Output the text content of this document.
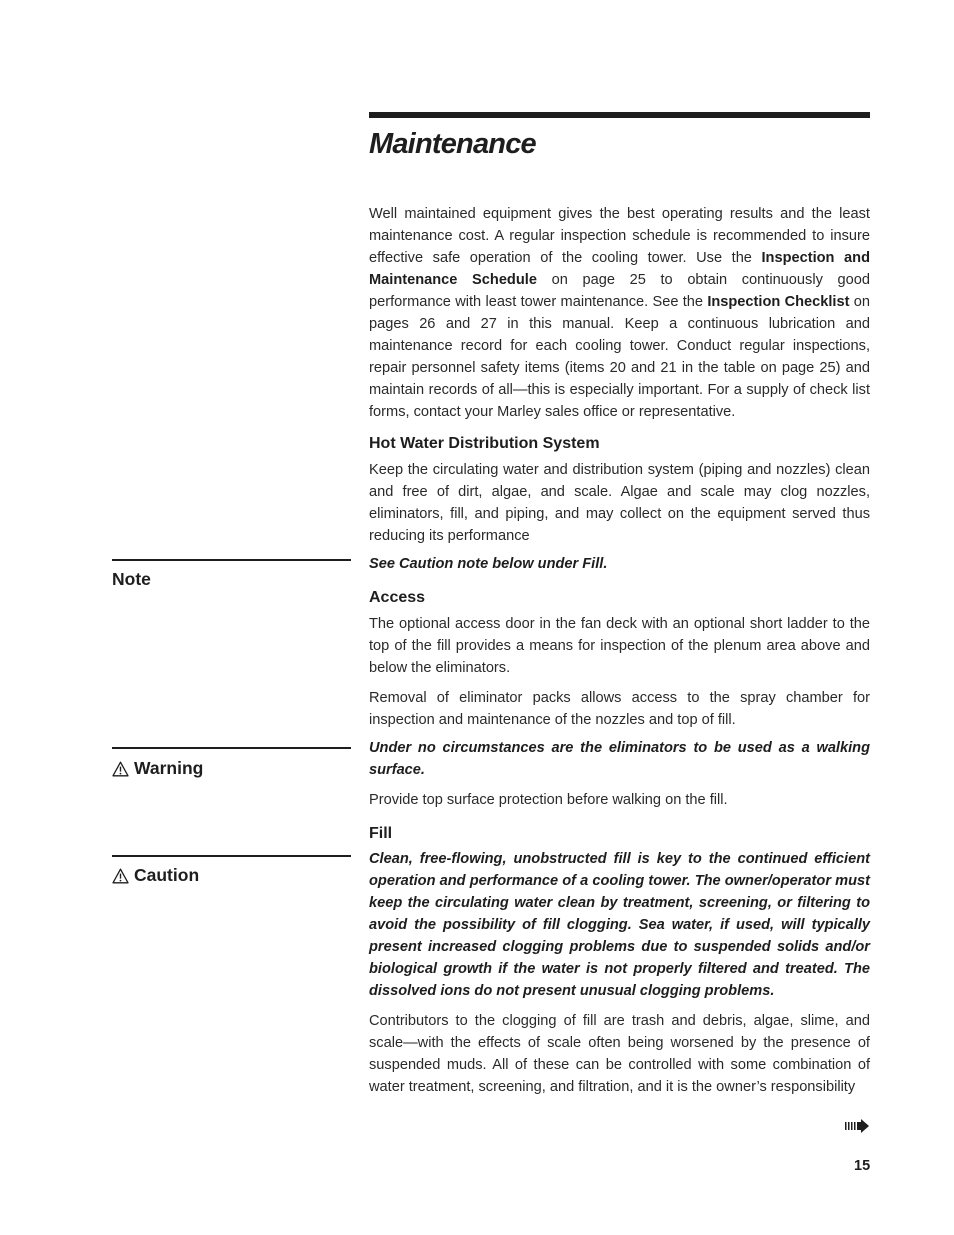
Maintenance

Well maintained equipment gives the best operating results and the least maintenance cost. A regular inspection schedule is recommended to insure effective safe operation of the cooling tower. Use the Inspection and Maintenance Schedule on page 25 to obtain continuously good performance with least tower maintenance. See the Inspection Checklist on pages 26 and 27 in this manual. Keep a continuous lubrication and maintenance record for each cooling tower. Conduct regular inspections, repair personnel safety items (items 20 and 21 in the table on page 25) and maintain records of all—this is especially important. For a supply of check list forms, contact your Marley sales office or representative.

Hot Water Distribution System

Keep the circulating water and distribution system (piping and nozzles) clean and free of dirt, algae, and scale. Algae and scale may clog nozzles, eliminators, fill, and piping, and may collect on the equipment served thus reducing its performance

Note
See Caution note below under Fill.
Access

The optional access door in the fan deck with an optional short ladder to the top of the fill provides a means for inspection of the plenum area above and below the eliminators.

Removal of eliminator packs allows access to the spray chamber for inspection and maintenance of the nozzles and top of fill.

Warning

Under no circumstances are the eliminators to be used as a walking surface.

Provide top surface protection before walking on the fill.

Fill
Caution

Clean, free-flowing, unobstructed fill is key to the continued efficient operation and performance of a cooling tower. The owner/operator must keep the circulating water clean by treatment, screening, or filtering to avoid the possibility of fill clogging. Sea water, if used, will typically present increased clogging problems due to suspended solids and/or biological growth if the water is not properly filtered and treated. The dissolved ions do not present unusual clogging problems.

Contributors to the clogging of fill are trash and debris, algae, slime, and scale—with the effects of scale often being worsened by the presence of suspended muds. All of these can be controlled with some combination of water treatment, screening, and filtration, and it is the owner’s responsibility

15
